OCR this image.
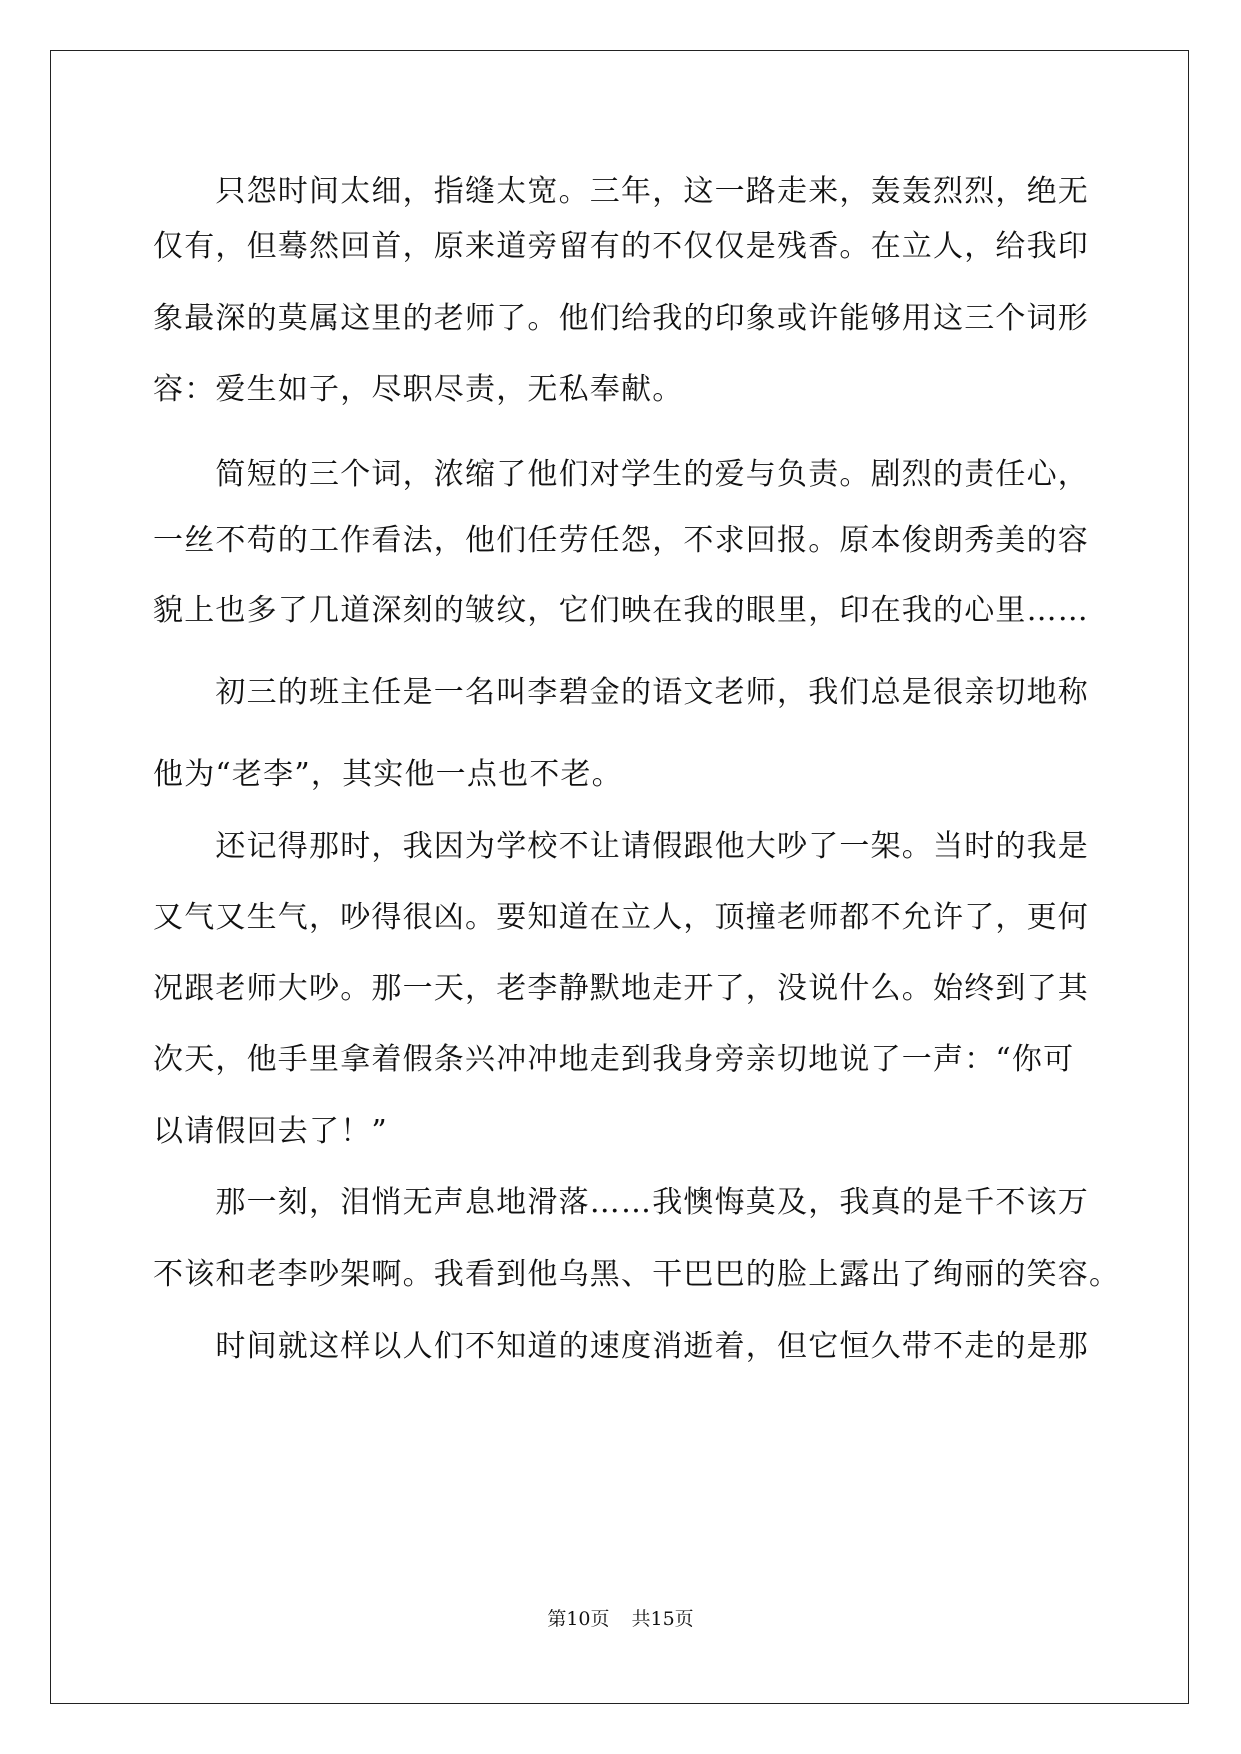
　　只怨时间太细，指缝太宽。三年，这一路走来，轰轰烈烈，绝无
仅有，但蓦然回首，原来道旁留有的不仅仅是残香。在立人，给我印
象最深的莫属这里的老师了。他们给我的印象或许能够用这三个词形
容：爱生如子，尽职尽责，无私奉献。
　　简短的三个词，浓缩了他们对学生的爱与负责。剧烈的责任心，
一丝不苟的工作看法，他们任劳任怨，不求回报。原本俊朗秀美的容
貌上也多了几道深刻的皱纹，它们映在我的眼里，印在我的心里……
　　初三的班主任是一名叫李碧金的语文老师，我们总是很亲切地称
他为“老李”，其实他一点也不老。
　　还记得那时，我因为学校不让请假跟他大吵了一架。当时的我是
又气又生气，吵得很凶。要知道在立人，顶撞老师都不允许了，更何
况跟老师大吵。那一天，老李静默地走开了，没说什么。始终到了其
次天，他手里拿着假条兴冲冲地走到我身旁亲切地说了一声：“你可
以请假回去了！”
　　那一刻，泪悄无声息地滑落……我懊悔莫及，我真的是千不该万
不该和老李吵架啊。我看到他乌黑、干巴巴的脸上露出了绚丽的笑容。
　　时间就这样以人们不知道的速度消逝着，但它恒久带不走的是那
第10页 共15页
